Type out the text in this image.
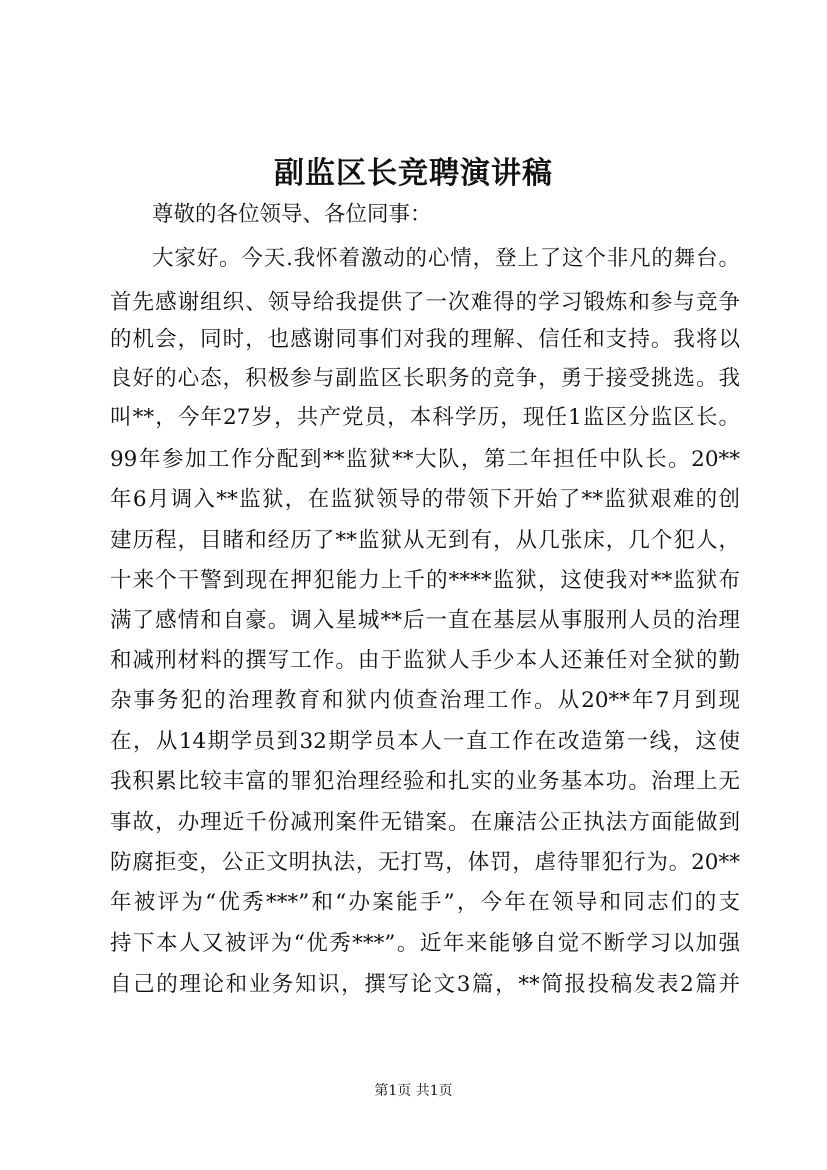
副监区长竞聘演讲稿
尊敬的各位领导、各位同事：
大家好。今天.我怀着激动的心情，登上了这个非凡的舞台。
首先感谢组织、领导给我提供了一次难得的学习锻炼和参与竞争
的机会，同时，也感谢同事们对我的理解、信任和支持。我将以
良好的心态，积极参与副监区长职务的竞争，勇于接受挑选。我
叫**，今年27岁，共产党员，本科学历，现任1监区分监区长。
99年参加工作分配到**监狱**大队，第二年担任中队长。20**
年6月调入**监狱，在监狱领导的带领下开始了**监狱艰难的创
建历程，目睹和经历了**监狱从无到有，从几张床，几个犯人，
十来个干警到现在押犯能力上千的****监狱，这使我对**监狱布
满了感情和自豪。调入星城**后一直在基层从事服刑人员的治理
和减刑材料的撰写工作。由于监狱人手少本人还兼任对全狱的勤
杂事务犯的治理教育和狱内侦查治理工作。从20**年7月到现
在，从14期学员到32期学员本人一直工作在改造第一线，这使
我积累比较丰富的罪犯治理经验和扎实的业务基本功。治理上无
事故，办理近千份减刑案件无错案。在廉洁公正执法方面能做到
防腐拒变，公正文明执法，无打骂，体罚，虐待罪犯行为。20**
年被评为“优秀***”和“办案能手”，今年在领导和同志们的支
持下本人又被评为“优秀***”。近年来能够自觉不断学习以加强
自己的理论和业务知识，撰写论文3篇，**简报投稿发表2篇并
第1页 共1页
